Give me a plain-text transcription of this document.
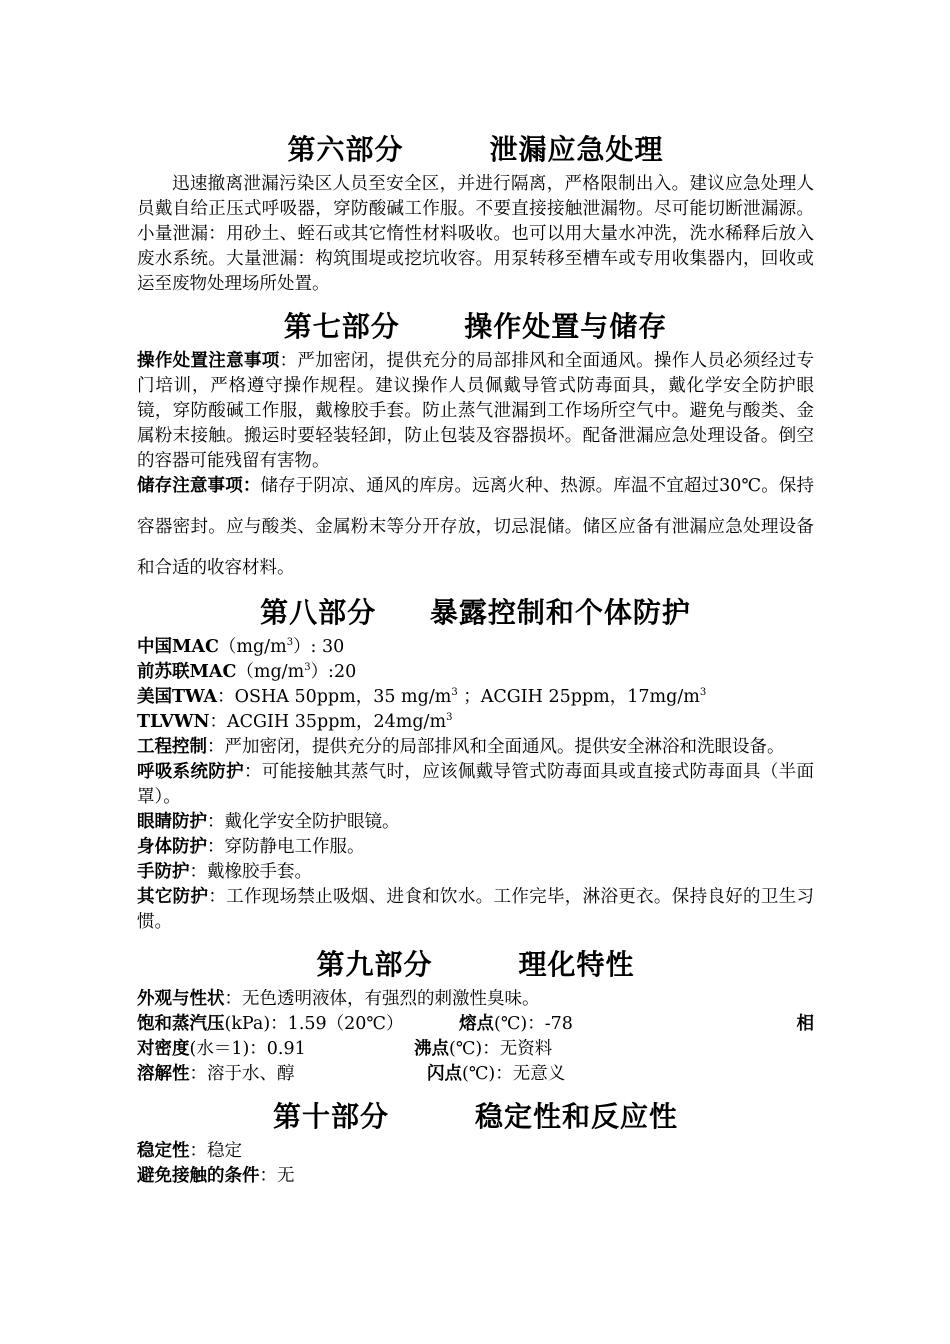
第六部分        泄漏应急处理

迅速撤离泄漏污染区人员至安全区，并进行隔离，严格限制出入。建议应急处理人员戴自给正压式呼吸器，穿防酸碱工作服。不要直接接触泄漏物。尽可能切断泄漏源。小量泄漏：用砂土、蛭石或其它惰性材料吸收。也可以用大量水冲洗，洗水稀释后放入废水系统。大量泄漏：构筑围堤或挖坑收容。用泵转移至槽车或专用收集器内，回收或运至废物处理场所处置。

第七部分      操作处置与储存

操作处置注意事项：严加密闭，提供充分的局部排风和全面通风。操作人员必须经过专门培训，严格遵守操作规程。建议操作人员佩戴导管式防毒面具，戴化学安全防护眼镜，穿防酸碱工作服，戴橡胶手套。防止蒸气泄漏到工作场所空气中。避免与酸类、金属粉末接触。搬运时要轻装轻卸，防止包装及容器损坏。配备泄漏应急处理设备。倒空的容器可能残留有害物。

储存注意事项：储存于阴凉、通风的库房。远离火种、热源。库温不宜超过30℃。保持容器密封。应与酸类、金属粉末等分开存放，切忌混储。储区应备有泄漏应急处理设备和合适的收容材料。

第八部分     暴露控制和个体防护

中国$MAC(mg/m^3)$: 30

前苏联$MAC(mg/m^3):20$

美国TWA：OSHA 50ppm，35 $mg/m^3$ ；ACGIH 25ppm，$17mg/m^3$

TLVWN：ACGIH 35ppm，$24mg/m^3$

工程控制：严加密闭，提供充分的局部排风和全面通风。提供安全淋浴和洗眼设备。

呼吸系统防护：可能接触其蒸气时，应该佩戴导管式防毒面具或直接式防毒面具（半面罩）。

眼睛防护：戴化学安全防护眼镜。

身体防护：穿防静电工作服。

手防护：戴橡胶手套。

其它防护：工作现场禁止吸烟、进食和饮水。工作完毕，淋浴更衣。保持良好的卫生习惯。

第九部分        理化特性

外观与性状：无色透明液体，有强烈的刺激性臭味。

饱和蒸汽压(kPa)：1.59（20℃）	熔点(℃)：-78	相
对密度(水＝1)：0.91	沸点(℃)：无资料
溶解性：溶于水、醇	闪点(℃)：无意义
第十部分        稳定性和反应性

稳定性：稳定

避免接触的条件：无
